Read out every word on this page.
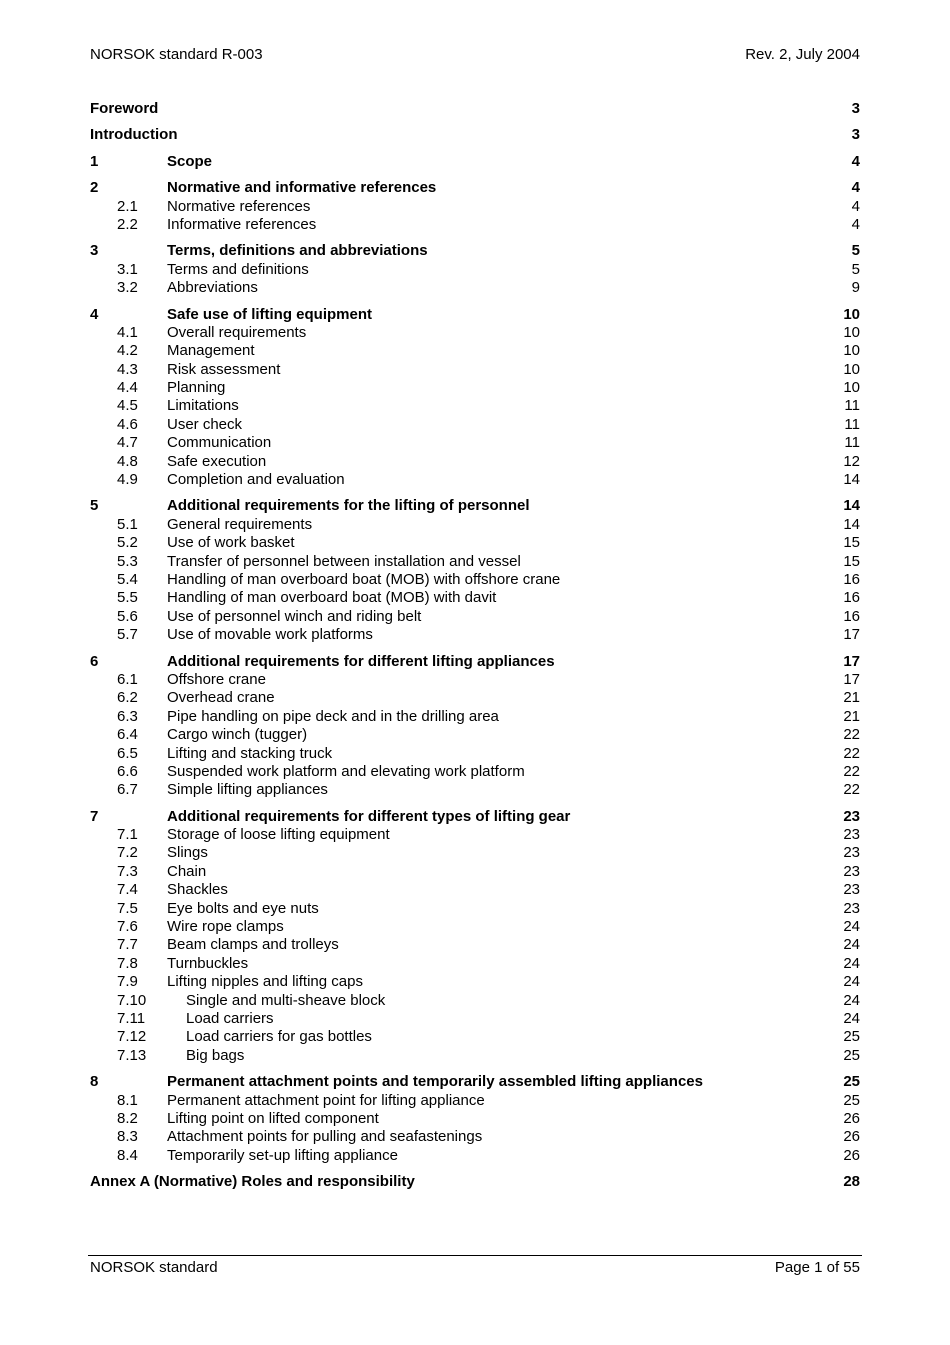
NORSOK standard R-003	Rev. 2, July 2004
Foreword	3
Introduction	3
1	Scope	4
2	Normative and informative references	4
2.1 Normative references	4
2.2 Informative references	4
3	Terms, definitions and abbreviations	5
3.1 Terms and definitions	5
3.2 Abbreviations	9
4	Safe use of lifting equipment	10
4.1 Overall requirements	10
4.2 Management	10
4.3 Risk assessment	10
4.4 Planning	10
4.5 Limitations	11
4.6 User check	11
4.7 Communication	11
4.8 Safe execution	12
4.9 Completion and evaluation	14
5	Additional requirements for the lifting of personnel	14
5.1 General requirements	14
5.2 Use of work basket	15
5.3 Transfer of personnel between installation and vessel	15
5.4 Handling of man overboard boat (MOB) with offshore crane	16
5.5 Handling of man overboard boat (MOB) with davit	16
5.6 Use of personnel winch and riding belt	16
5.7 Use of movable work platforms	17
6	Additional requirements for different lifting appliances	17
6.1 Offshore crane	17
6.2 Overhead crane	21
6.3 Pipe handling on pipe deck and in the drilling area	21
6.4 Cargo winch (tugger)	22
6.5 Lifting and stacking truck	22
6.6 Suspended work platform and elevating work platform	22
6.7 Simple lifting appliances	22
7	Additional requirements for different types of lifting gear	23
7.1 Storage of loose lifting equipment	23
7.2 Slings	23
7.3 Chain	23
7.4 Shackles	23
7.5 Eye bolts and eye nuts	23
7.6 Wire rope clamps	24
7.7 Beam clamps and trolleys	24
7.8 Turnbuckles	24
7.9 Lifting nipples and lifting caps	24
7.10	Single and multi-sheave block	24
7.11	Load carriers	24
7.12	Load carriers for gas bottles	25
7.13	Big bags	25
8	Permanent attachment points and temporarily assembled lifting appliances	25
8.1 Permanent attachment point for lifting appliance	25
8.2 Lifting point on lifted component	26
8.3 Attachment points for pulling and seafastenings	26
8.4 Temporarily set-up lifting appliance	26
Annex A (Normative) Roles and responsibility	28
NORSOK standard	Page 1 of 55
